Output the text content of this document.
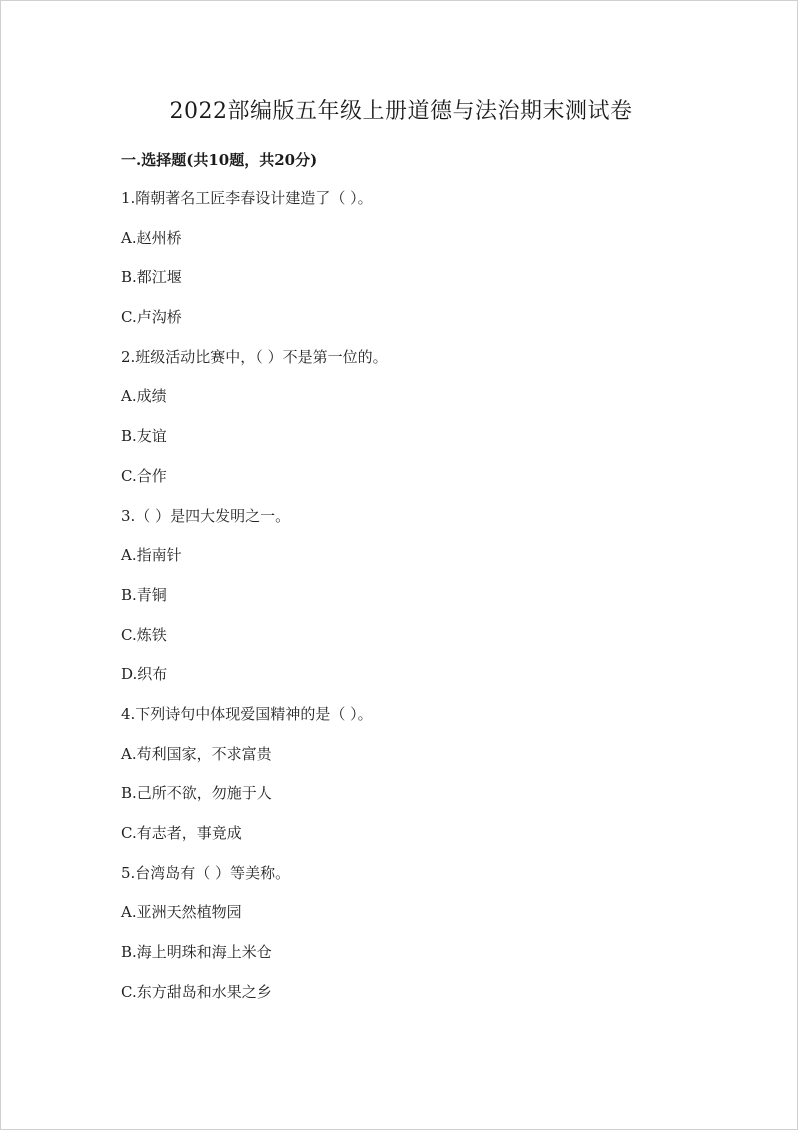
2022部编版五年级上册道德与法治期末测试卷
一.选择题(共10题，共20分)
1.隋朝著名工匠李春设计建造了（ ）。
A.赵州桥
B.都江堰
C.卢沟桥
2.班级活动比赛中，（ ）不是第一位的。
A.成绩
B.友谊
C.合作
3.（ ）是四大发明之一。
A.指南针
B.青铜
C.炼铁
D.织布
4.下列诗句中体现爱国精神的是（ ）。
A.苟利国家，不求富贵
B.己所不欲，勿施于人
C.有志者，事竟成
5.台湾岛有（ ）等美称。
A.亚洲天然植物园
B.海上明珠和海上米仓
C.东方甜岛和水果之乡
